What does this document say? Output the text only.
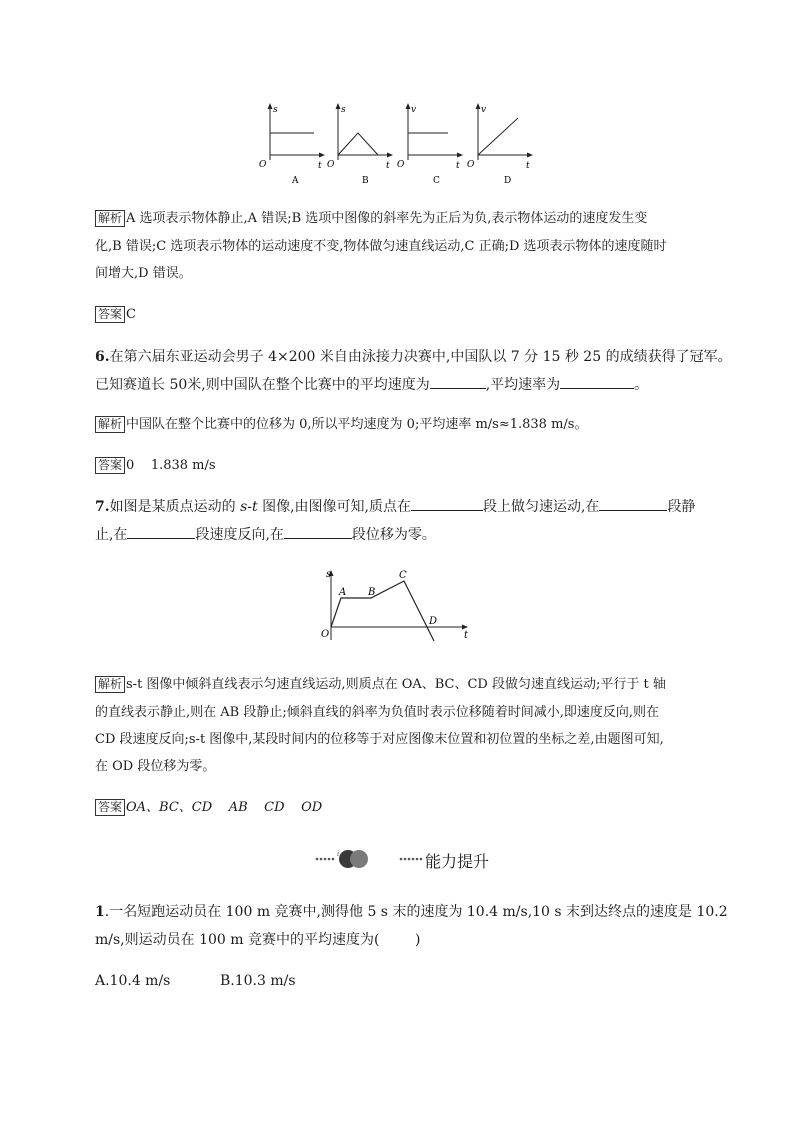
s
t
O
A
s
t
O
B
v
t
O
C
v
t
O
D
解析 A 选项表示物体静止,A 错误;B 选项中图像的斜率先为正后为负,表示物体运动的速度发生变
化,B 错误;C 选项表示物体的运动速度不变,物体做匀速直线运动,C 正确;D 选项表示物体的速度随时
间增大,D 错误。
答案 C
6.在第六届东亚运动会男子 4×200 米自由泳接力决赛中,中国队以 7 分 15 秒 25 的成绩获得了冠军。
已知赛道长 50米,则中国队在整个比赛中的平均速度为	,平均速率为	。
解析 中国队在整个比赛中的位移为 0,所以平均速度为 0;平均速率 m/s≈1.838 m/s。
答案 0    1.838 m/s
7.如图是某质点运动的 s-t 图像,由图像可知,质点在	段上做匀速运动,在	段静
止,在	段速度反向,在	段位移为零。
s
t
O
A B
C
D
解析 s-t 图像中倾斜直线表示匀速直线运动,则质点在 OA、BC、CD 段做匀速直线运动;平行于 t 轴
的直线表示静止,则在 AB 段静止;倾斜直线的斜率为负值时表示位移随着时间减小,即速度反向,则在
CD 段速度反向;s-t 图像中,某段时间内的位移等于对应图像末位置和初位置的坐标之差,由题图可知,
在 OD 段位移为零。
答案 OA、BC、CD    AB    CD    OD
i	能力提升
1.一名短跑运动员在 100 m 竞赛中,测得他 5 s 末的速度为 10.4 m/s,10 s 末到达终点的速度是 10.2
m/s,则运动员在 100 m 竞赛中的平均速度为(        )
A.10.4 m/s	B.10.3 m/s
